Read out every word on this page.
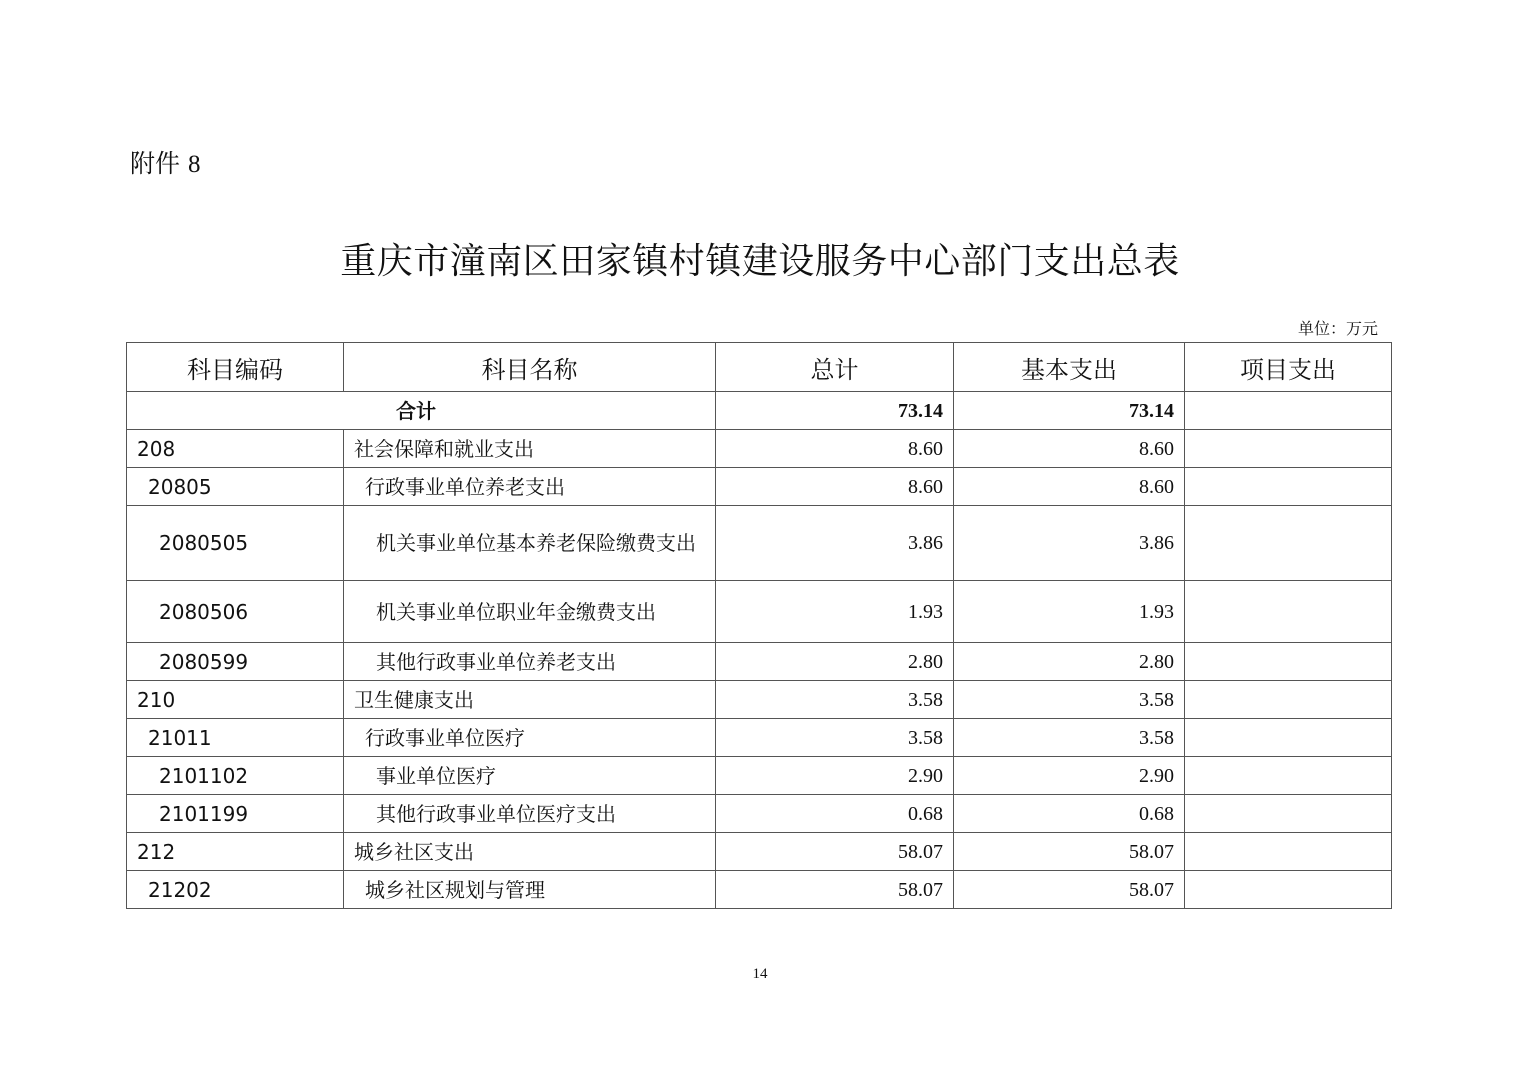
附件 8
重庆市潼南区田家镇村镇建设服务中心部门支出总表
单位：万元
科目编码	科目名称	总计	基本支出	项目支出
合计		73.14	73.14	
208	社会保障和就业支出	8.60	8.60	
20805	行政事业单位养老支出	8.60	8.60	
2080505	机关事业单位基本养老保险缴费支出	3.86	3.86	
2080506	机关事业单位职业年金缴费支出	1.93	1.93	
2080599	其他行政事业单位养老支出	2.80	2.80	
210	卫生健康支出	3.58	3.58	
21011	行政事业单位医疗	3.58	3.58	
2101102	事业单位医疗	2.90	2.90	
2101199	其他行政事业单位医疗支出	0.68	0.68	
212	城乡社区支出	58.07	58.07	
21202	城乡社区规划与管理	58.07	58.07	
14
